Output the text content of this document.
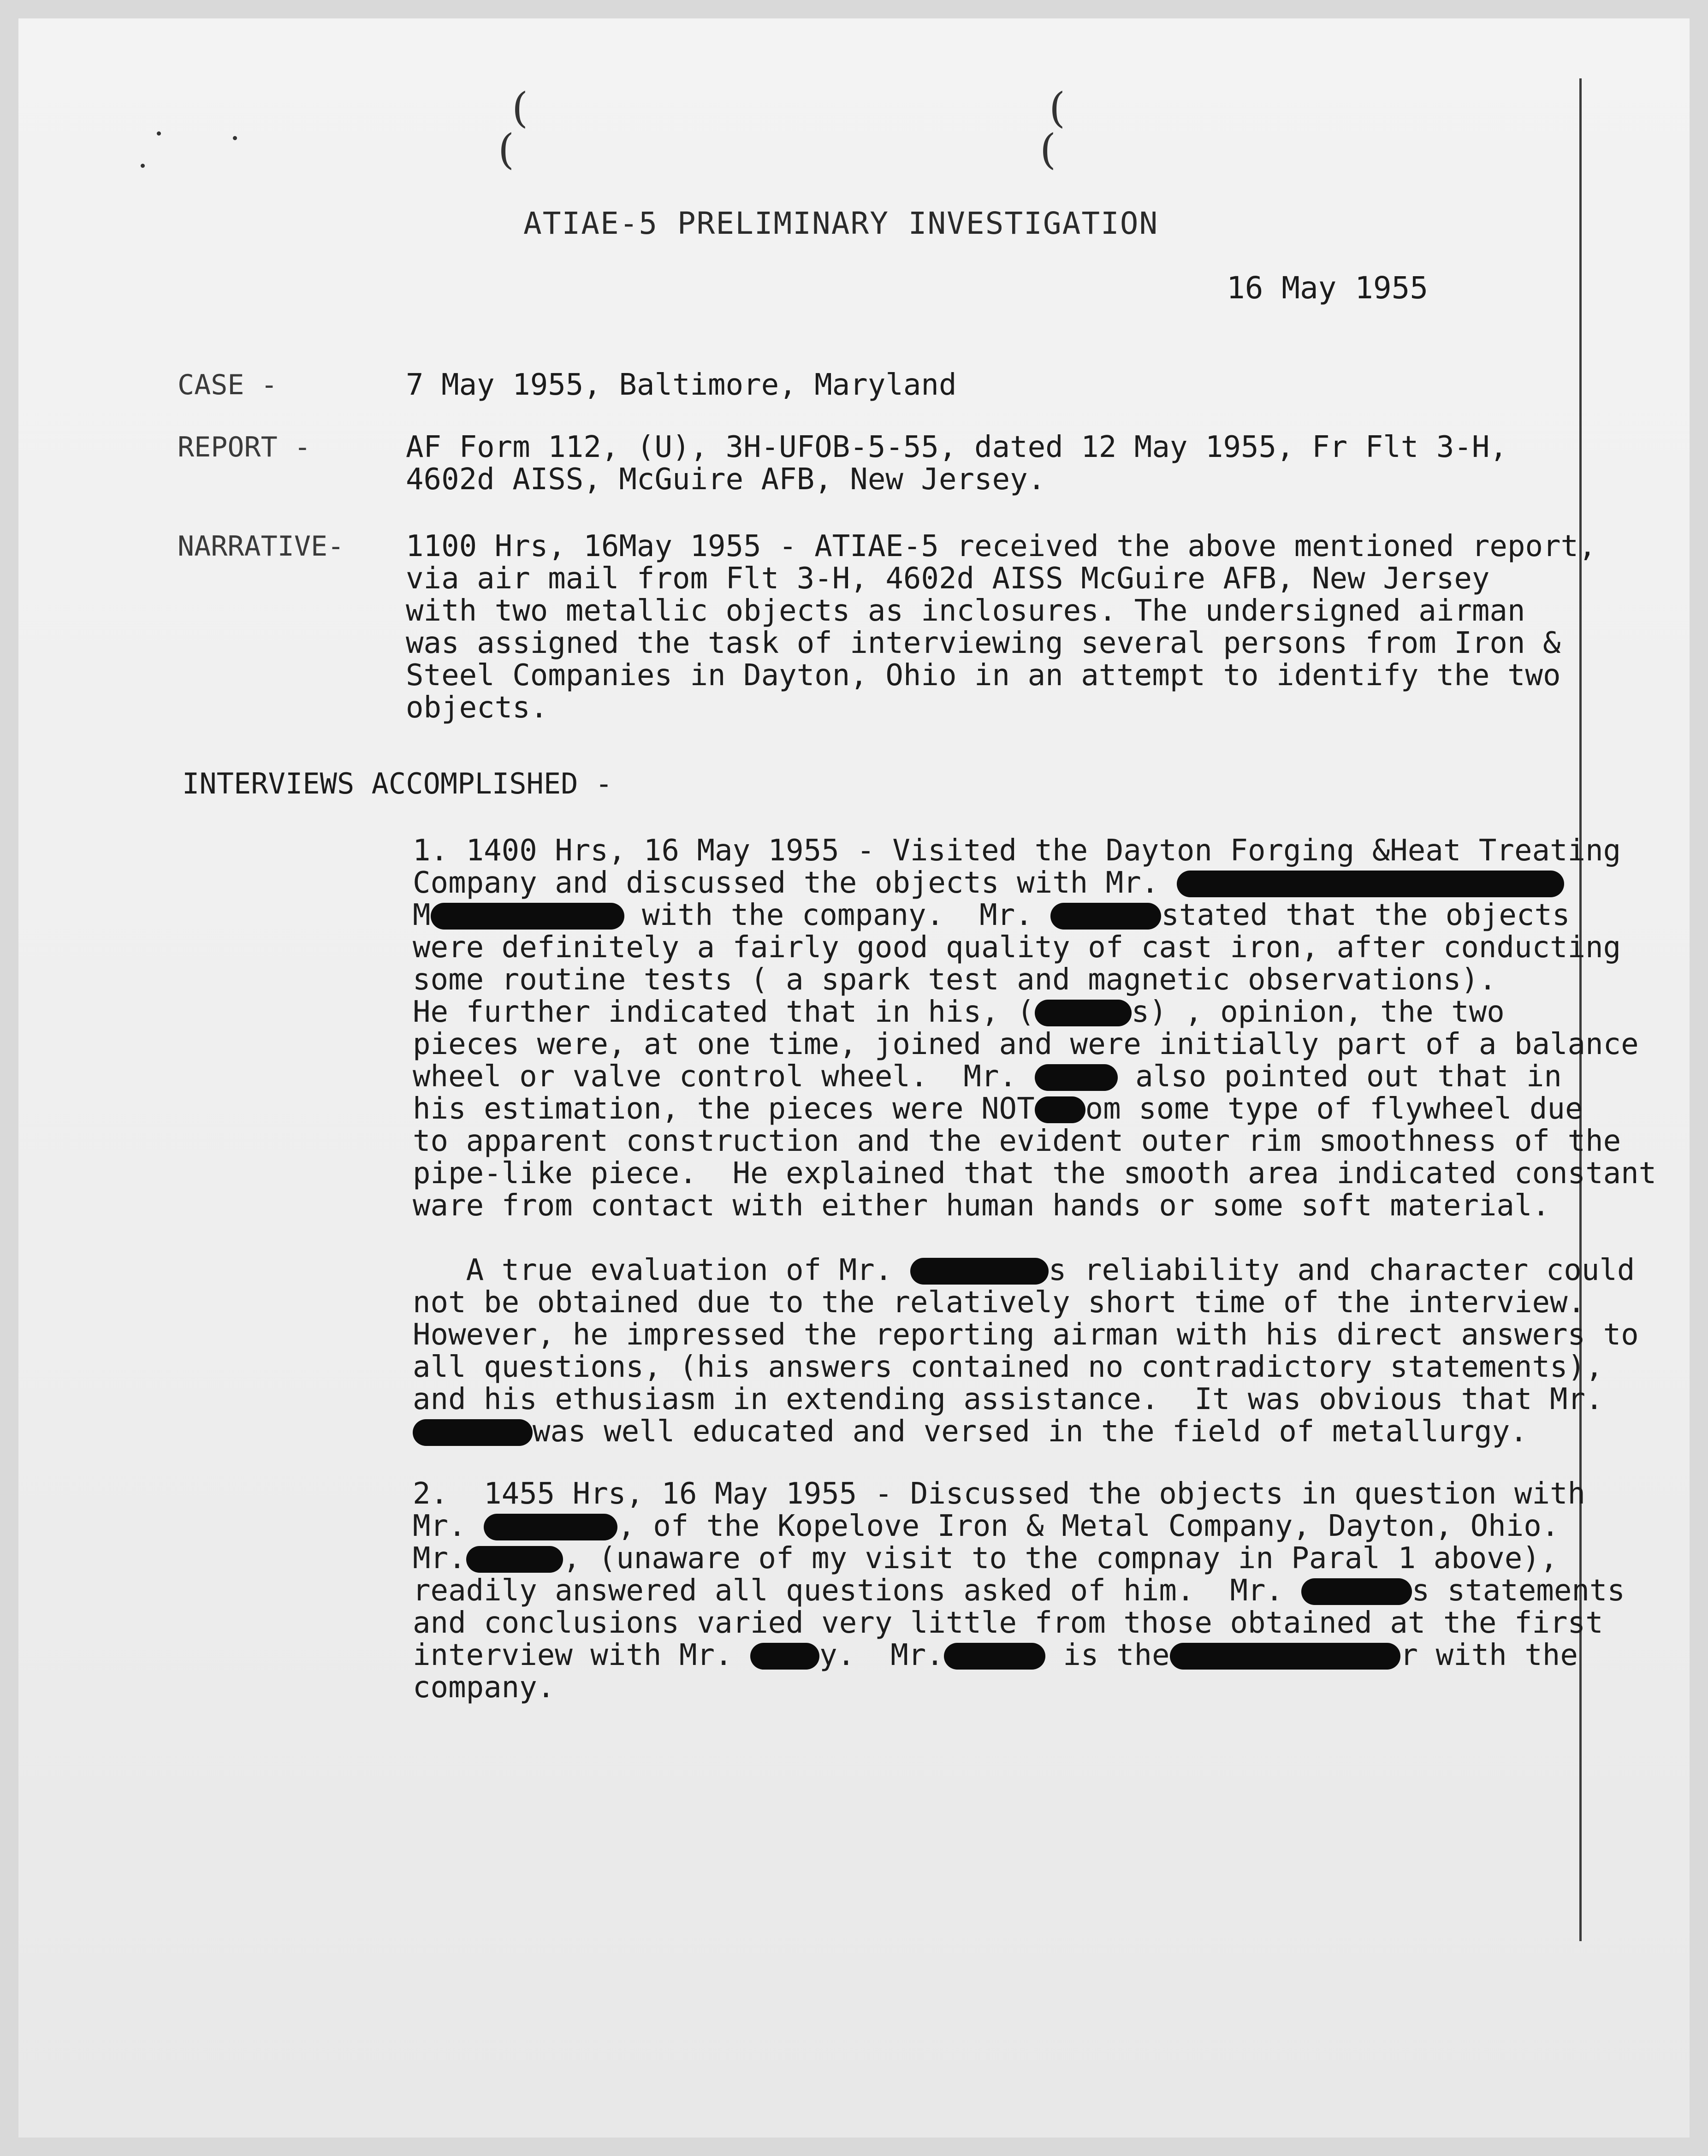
(
(
(
(
ATIAE-5 PRELIMINARY INVESTIGATION
16 May 1955
CASE -	7 May 1955, Baltimore, Maryland
REPORT -	AF Form 112, (U), 3H-UFOB-5-55, dated 12 May 1955, Fr Flt 3-H,
4602d AISS, McGuire AFB, New Jersey.
NARRATIVE- 1100 Hrs, 16May 1955 - ATIAE-5 received the above mentioned report,
via air mail from Flt 3-H, 4602d AISS McGuire AFB, New Jersey
with two metallic objects as inclosures. The undersigned airman
was assigned the task of interviewing several persons from Iron &
Steel Companies in Dayton, Ohio in an attempt to identify the two
objects.
INTERVIEWS ACCOMPLISHED -
1. 1400 Hrs, 16 May 1955 - Visited the Dayton Forging &Heat Treating
Company and discussed the objects with Mr.
M	with the company.  Mr.	stated that the objects
were definitely a fairly good quality of cast iron, after conducting
some routine tests ( a spark test and magnetic observations).
He further indicated that in his, (	s) , opinion, the two
pieces were, at one time, joined and were initially part of a balance
wheel or valve control wheel.  Mr.	also pointed out that in
his estimation, the pieces were NOT om some type of flywheel due
to apparent construction and the evident outer rim smoothness of the
pipe-like piece.  He explained that the smooth area indicated constant
ware from contact with either human hands or some soft material.
A true evaluation of Mr.	s reliability and character could
not be obtained due to the relatively short time of the interview.
However, he impressed the reporting airman with his direct answers to
all questions, (his answers contained no contradictory statements),
and his ethusiasm in extending assistance.  It was obvious that Mr.
was well educated and versed in the field of metallurgy.
2.  1455 Hrs, 16 May 1955 - Discussed the objects in question with
Mr.	, of the Kopelove Iron & Metal Company, Dayton, Ohio.
Mr.	, (unaware of my visit to the compnay in Paral 1 above),
readily answered all questions asked of him.  Mr.	s statements
and conclusions varied very little from those obtained at the first
interview with Mr.	y.  Mr.	is the	r with the
company.
